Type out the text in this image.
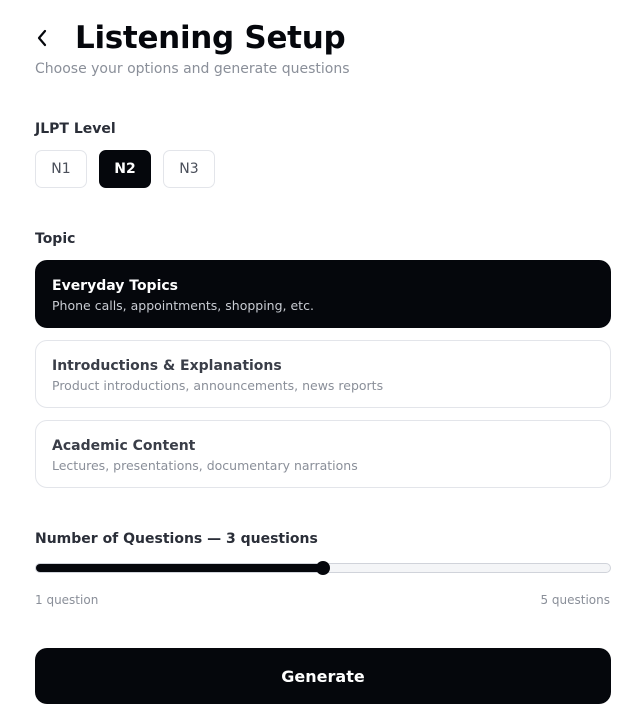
Listening Setup
Choose your options and generate questions
JLPT Level
N1	N2	N3
Topic
Everyday Topics
Phone calls, appointments, shopping, etc.
Introductions & Explanations
Product introductions, announcements, news reports
Academic Content
Lectures, presentations, documentary narrations
Number of Questions — 3 questions
1 question	5 questions
Generate
